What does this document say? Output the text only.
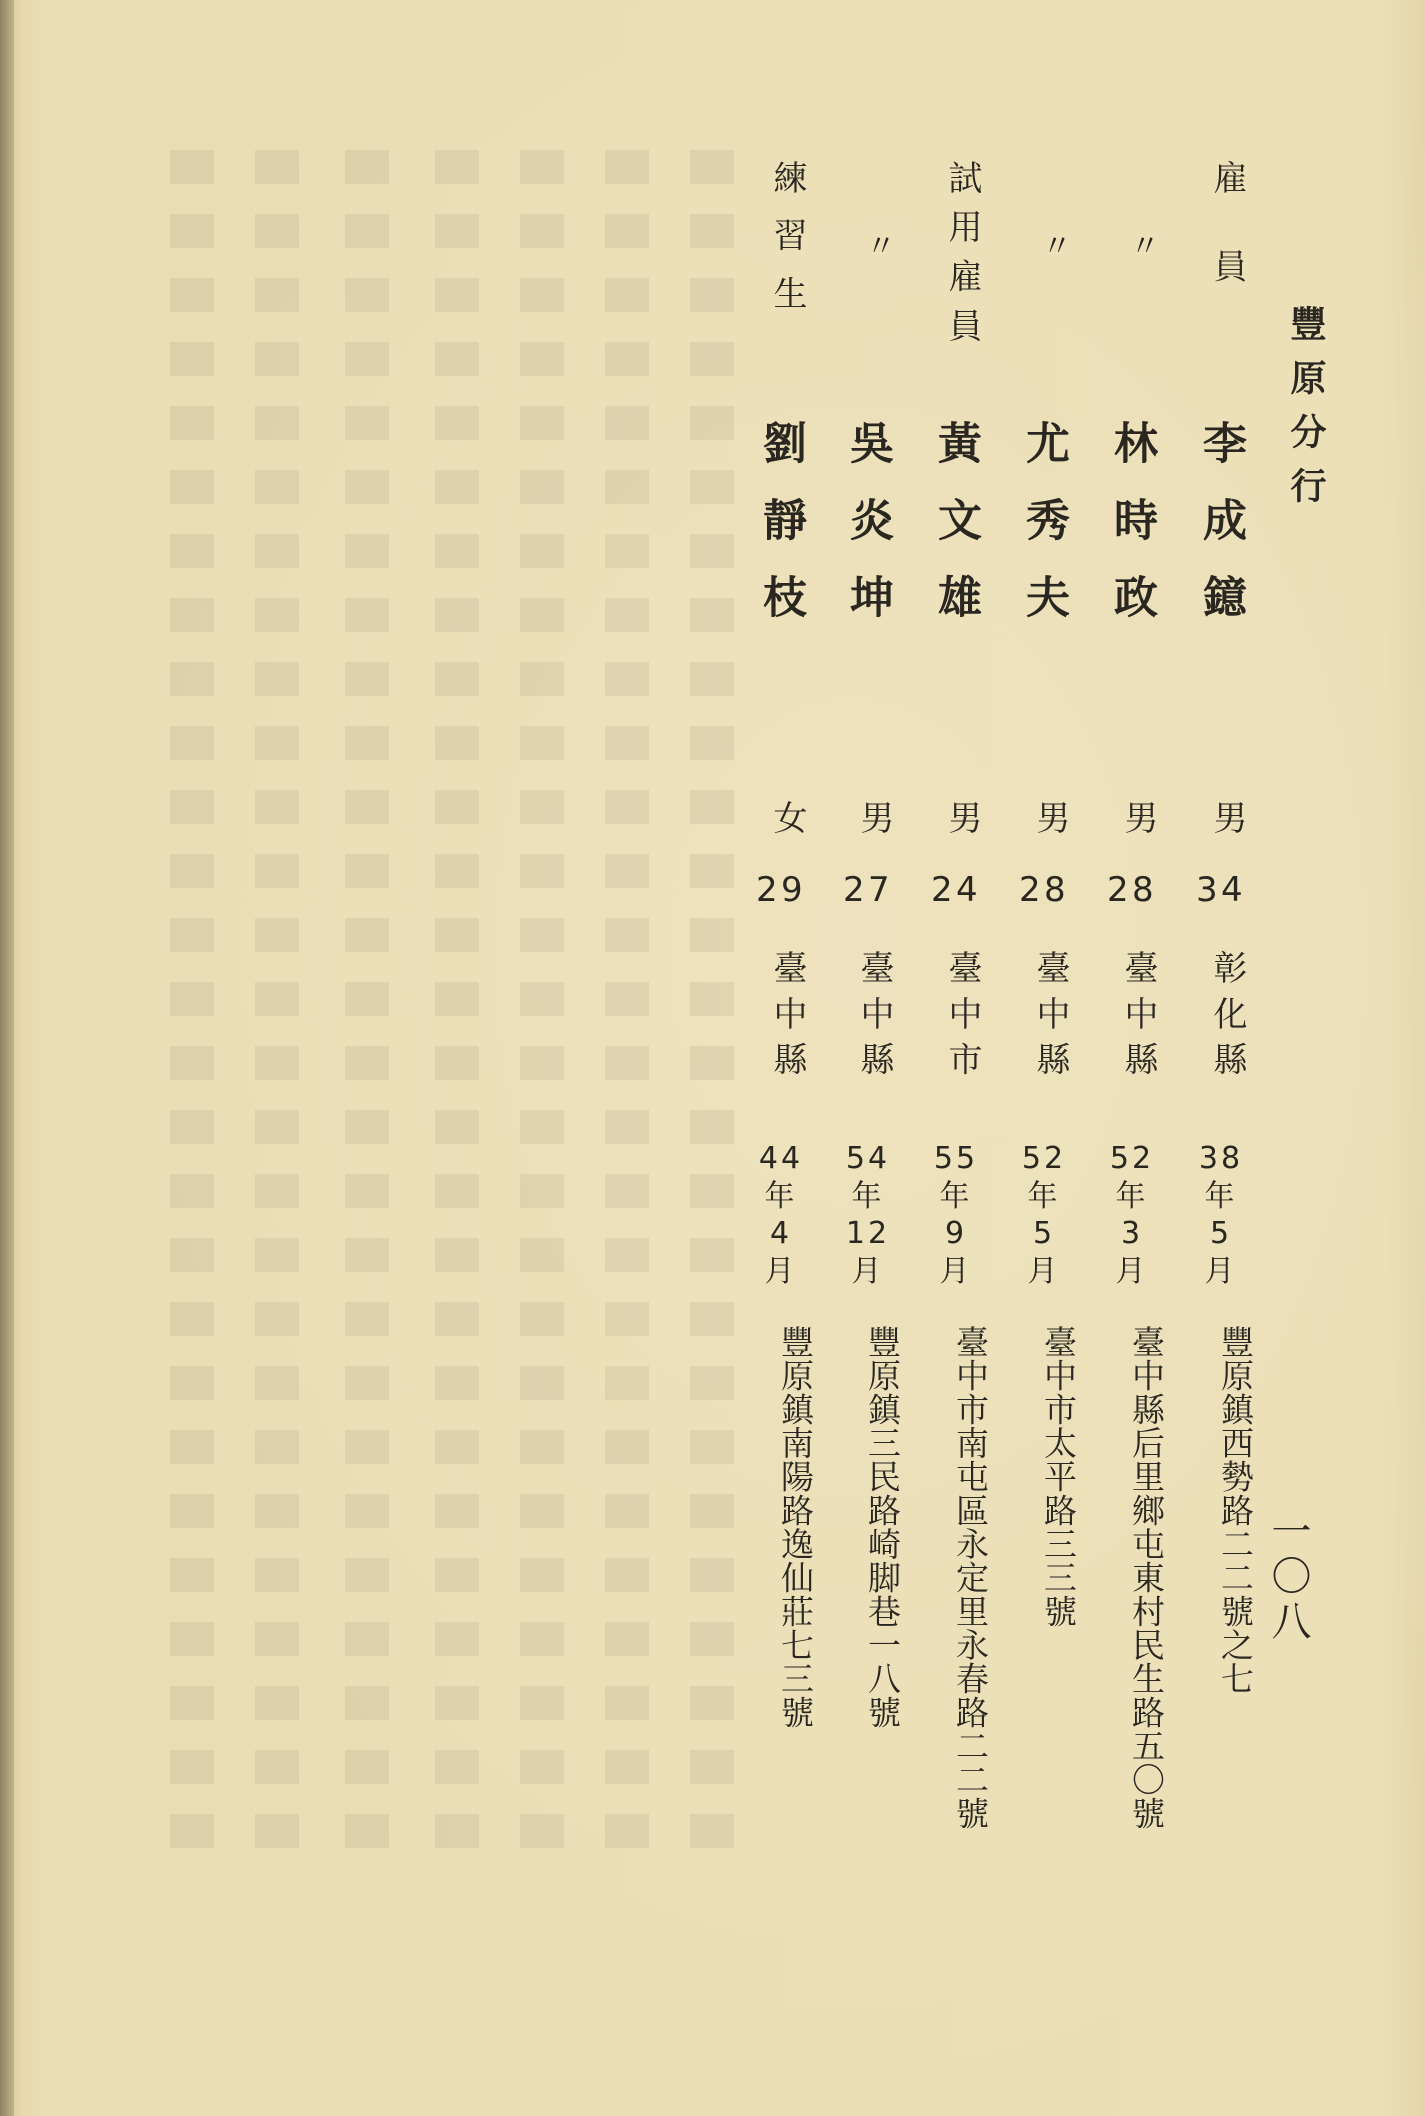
豐原分行
一〇八
雇員
李成鐿
男
34
彰化縣
38
年
5
月
豐原鎮西勢路二二號之七
〃
林時政
男
28
臺中縣
52
年
3
月
臺中縣后里鄉屯東村民生路五〇號
〃
尤秀夫
男
28
臺中縣
52
年
5
月
臺中市太平路三三號
試用雇員
黃文雄
男
24
臺中市
55
年
9
月
臺中市南屯區永定里永春路二二號
〃
吳炎坤
男
27
臺中縣
54
年
12
月
豐原鎮三民路崎脚巷一八號
練習生
劉靜枝
女
29
臺中縣
44
年
4
月
豐原鎮南陽路逸仙莊七三號
